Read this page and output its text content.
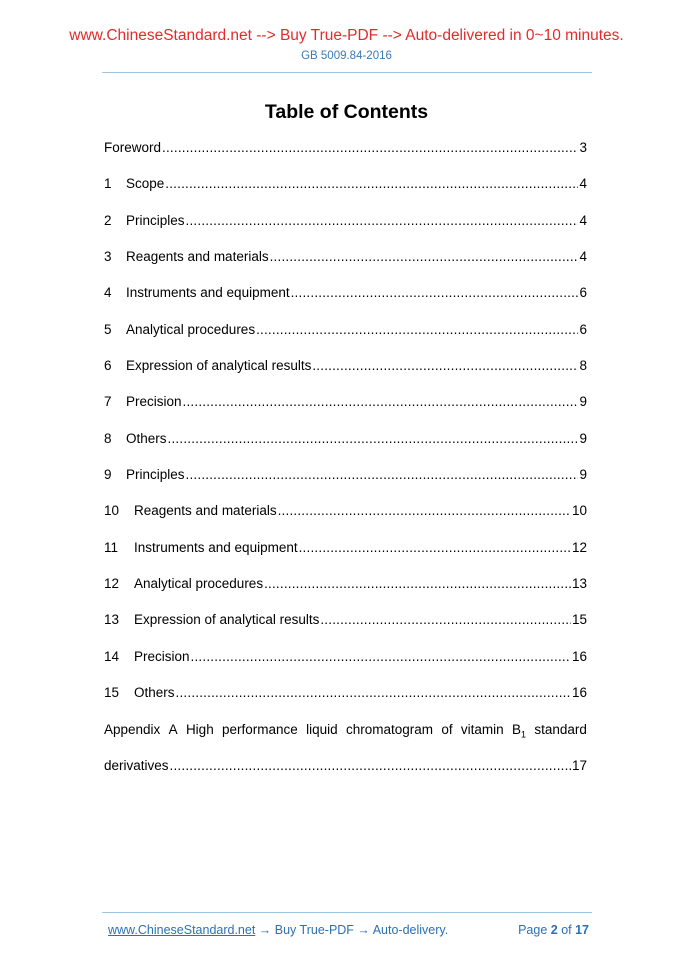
www.ChineseStandard.net --> Buy True-PDF --> Auto-delivered in 0~10 minutes.
GB 5009.84-2016
Table of Contents
Foreword .....	3
1	Scope .....	4
2	Principles .....	4
3	Reagents and materials .....	4
4	Instruments and equipment .....	6
5	Analytical procedures .....	6
6	Expression of analytical results .....	8
7	Precision .....	9
8	Others .....	9
9	Principles .....	9
10	Reagents and materials .....	10
11	Instruments and equipment .....	12
12	Analytical procedures .....	13
13	Expression of analytical results .....	15
14	Precision .....	16
15	Others .....	16
Appendix A High performance liquid chromatogram of vitamin $B_1$ standard
derivatives .....	17
www.ChineseStandard.net → Buy True-PDF → Auto-delivery.	Page 2 of 17
